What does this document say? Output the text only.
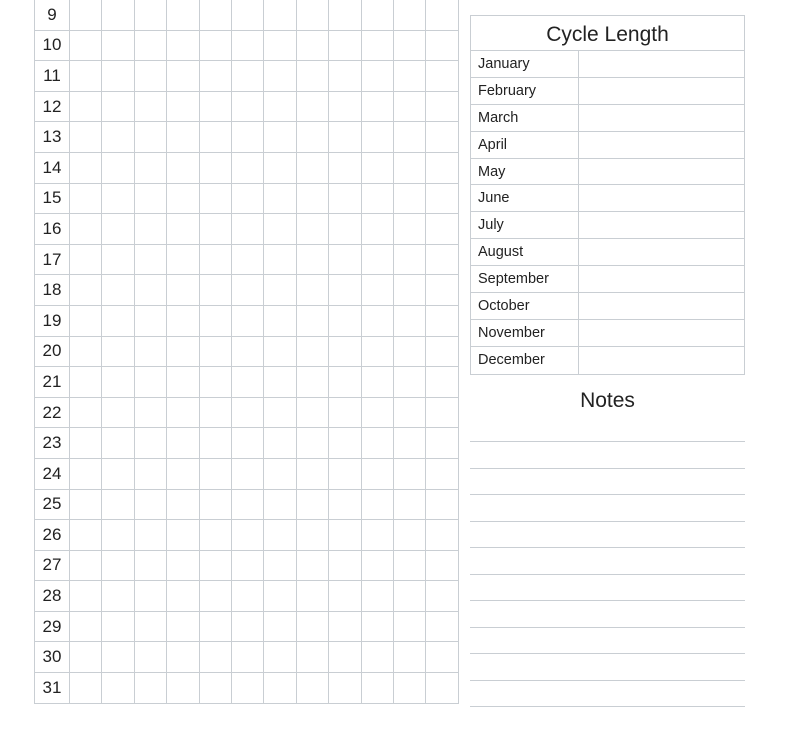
9
10
11
12
13
14
15
16
17
18
19
20
21
22
23
24
25
26
27
28
29
30
31
Cycle Length
January
February
March
April
May
June
July
August
September
October
November
December
Notes
